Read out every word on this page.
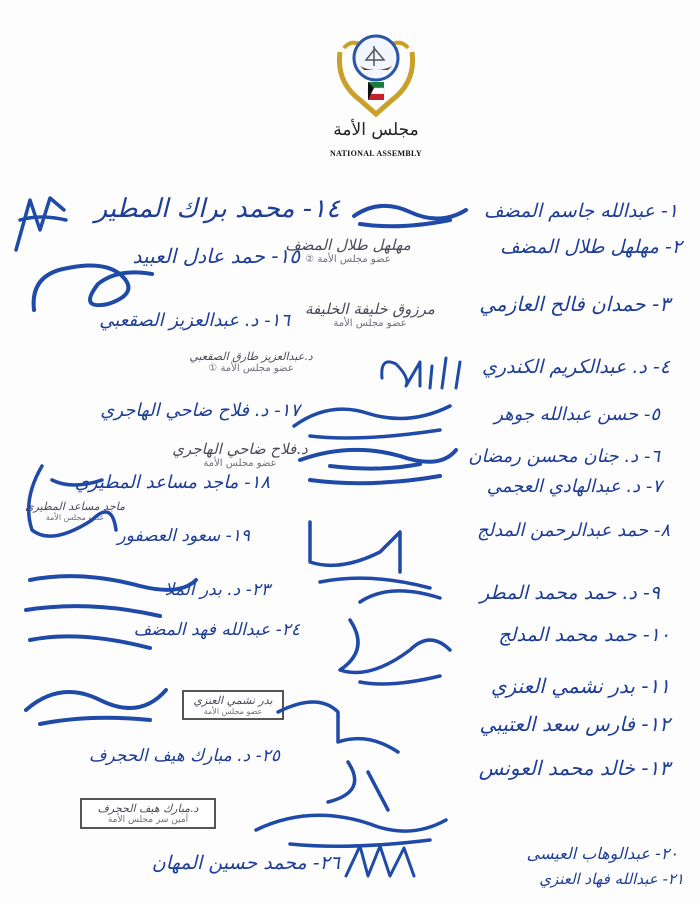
مجلس الأمة
NATIONAL ASSEMBLY
١- عبدالله جاسم المضف
٢- مهلهل طلال المضف
٣- حمدان فالح العازمي
٤- د. عبدالكريم الكندري
٥- حسن عبدالله جوهر
٦- د. جنان محسن رمضان
٧- د. عبدالهادي العجمي
٨- حمد عبدالرحمن المدلج
٩- د. حمد محمد المطر
١٠- حمد محمد المدلج
١١- بدر نشمي العنزي
١٢- فارس سعد العتيبي
١٣- خالد محمد العونس
٢٠- عبدالوهاب العيسى
٢١- عبدالله فهاد العنزي
١٤- محمد براك المطير
١٥- حمد عادل العبيد
١٦- د. عبدالعزيز الصقعبي
١٧- د. فلاح ضاحي الهاجري
١٨- ماجد مساعد المطيري
١٩- سعود العصفور
٢٣- د. بدر الملا
٢٤- عبدالله فهد المضف
٢٥- د. مبارك هيف الحجرف
٢٦- محمد حسين المهان
مهلهل طلال المضف
عضو مجلس الأمة ②
مرزوق خليفة الخليفة
عضو مجلس الأمة
د.عبدالعزيز طارق الصقعبي
عضو مجلس الأمة ①
د.فلاح ضاحي الهاجري
عضو مجلس الأمة
ماجد مساعد المطيري
عضو مجلس الأمة
بدر نشمي العنزي
عضو مجلس الأمة
د.مبارك هيف الحجرف
أمين سر مجلس الأمة
